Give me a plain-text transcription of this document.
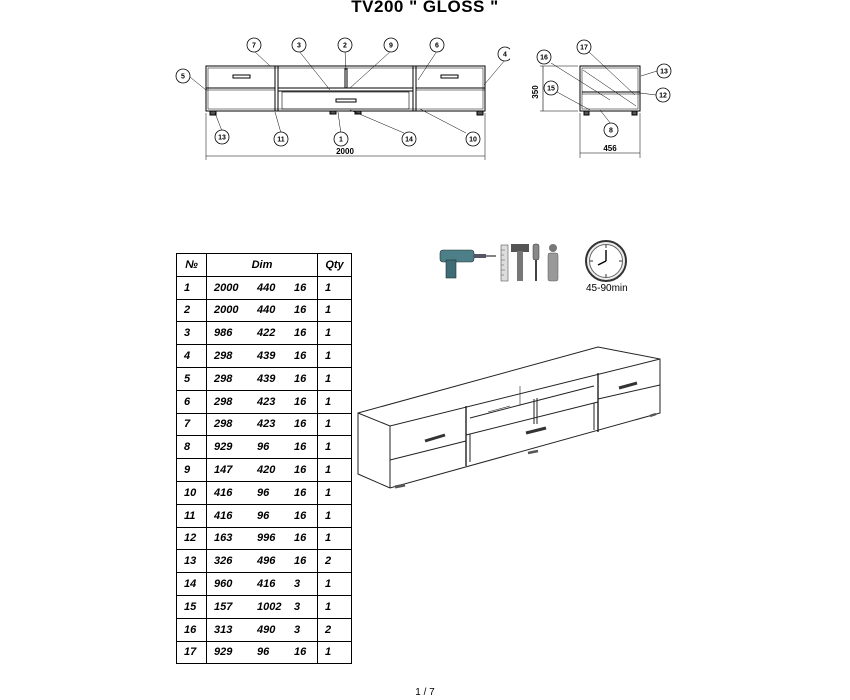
TV200 " GLOSS "
7	3	2	9	6
4
5
13	11	1	14	10
2000
16
17
13
15
12
8
456
350
№	Dim			Qty
1	2000	440	16	1
2	2000	440	16	1
3	986	422	16	1
4	298	439	16	1
5	298	439	16	1
6	298	423	16	1
7	298	423	16	1
8	929	96	16	1
9	147	420	16	1
10	416	96	16	1
11	416	96	16	1
12	163	996	16	1
13	326	496	16	2
14	960	416	3	1
15	157	1002	3	1
16	313	490	3	2
17	929	96	16	1
45-90min
1 / 7
